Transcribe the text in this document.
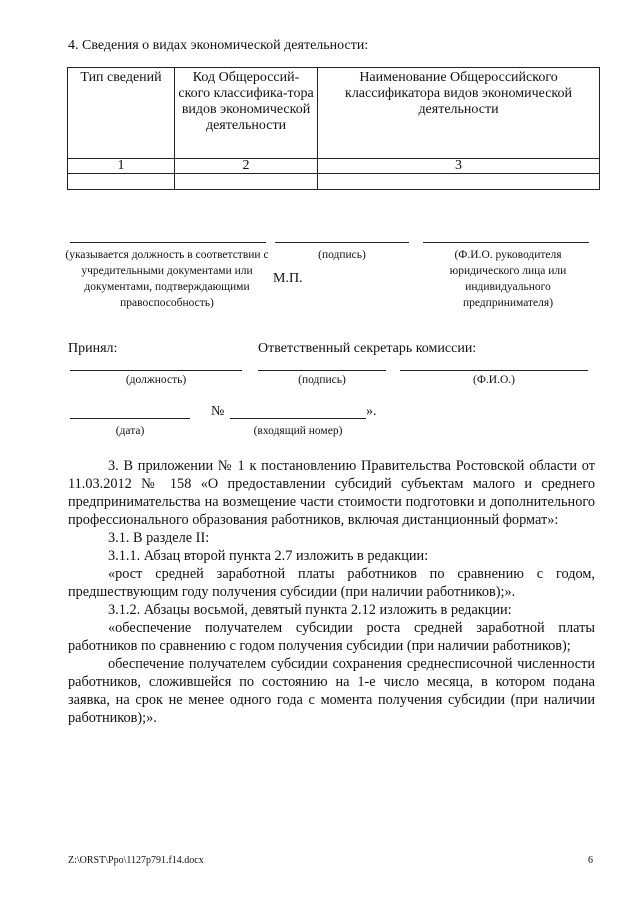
4. Сведения о видах экономической деятельности:
Тип сведений	Код Общероссий-ского классифика-тора видов экономической деятельности	Наименование Общероссийского классификатора видов экономической деятельности
1	2	3

(указывается должность в соответствии с учредительными документами или документами, подтверждающими правоспособность)
(подпись)	(Ф.И.О. руководителя юридического лица или индивидуального предпринимателя)
М.П.
Принял:	Ответственный секретарь комиссии:
(должность)	(подпись)	(Ф.И.О.)
№	».
(дата)	(входящий номер)

3. В приложении № 1 к постановлению Правительства Ростовской области от 11.03.2012 № 158 «О предоставлении субсидий субъектам малого и среднего предпринимательства на возмещение части стоимости подготовки и дополнительного профессионального образования работников, включая дистанционный формат»:

3.1. В разделе II:

3.1.1. Абзац второй пункта 2.7 изложить в редакции:

«рост средней заработной платы работников по сравнению с годом, предшествующим году получения субсидии (при наличии работников);».

3.1.2. Абзацы восьмой, девятый пункта 2.12 изложить в редакции:

«обеспечение получателем субсидии роста средней заработной платы работников по сравнению с годом получения субсидии (при наличии работников);

обеспечение получателем субсидии сохранения среднесписочной численности работников, сложившейся по состоянию на 1-е число месяца, в котором подана заявка, на срок не менее одного года с момента получения субсидии (при наличии работников);».

Z:\ORST\Ppo\1127p791.f14.docx	6
